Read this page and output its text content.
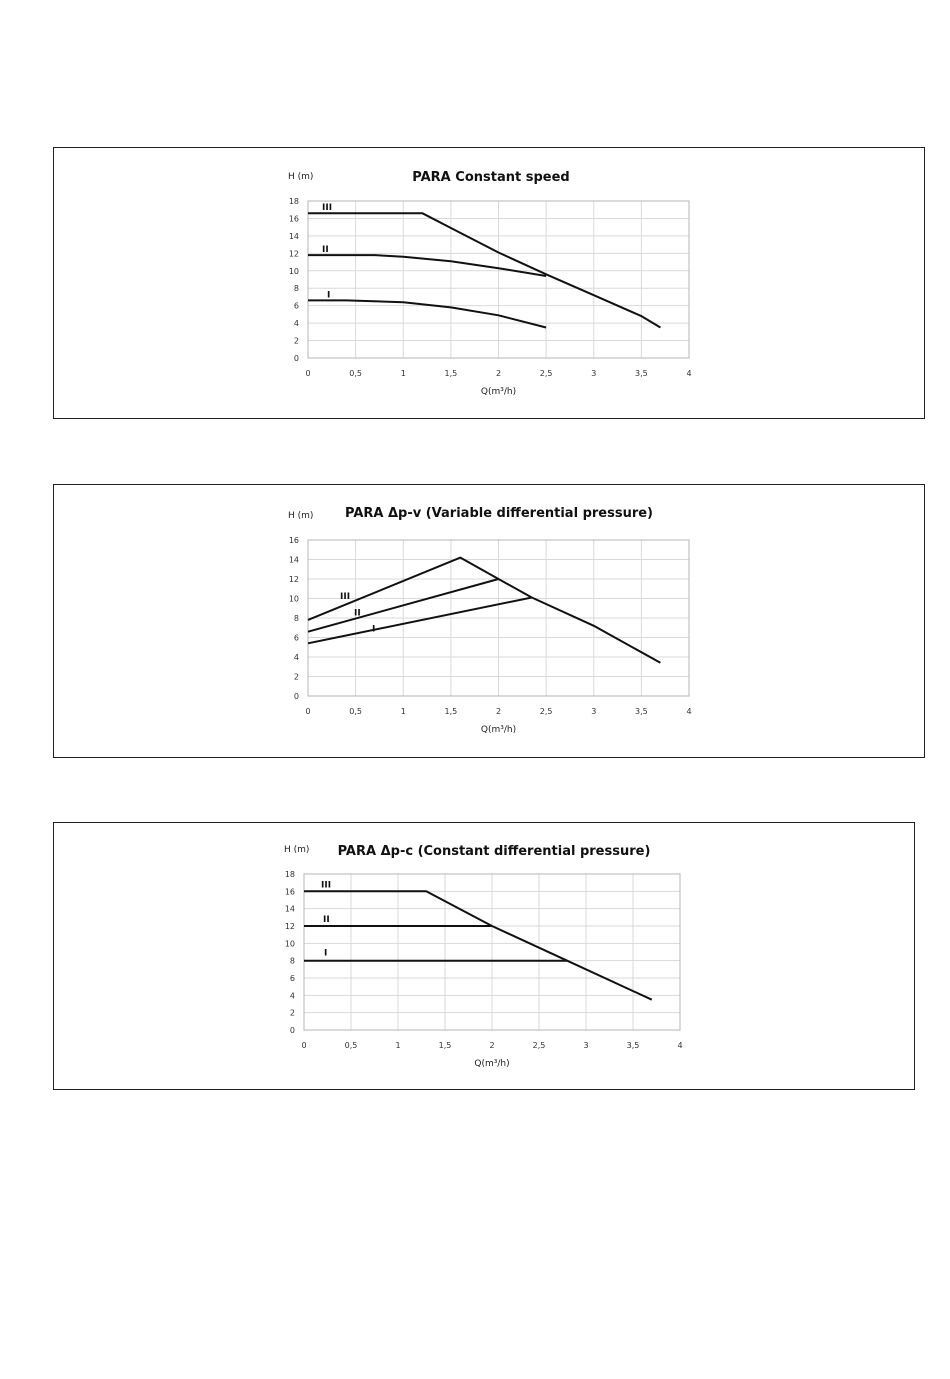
PARA Constant speed
H (m)
Q(m³/h)
0
2
4
6
8
10
12
14
16
18
0	0,5	1	1,5	2	2,5	3	3,5	4
III
II
I
PARA Δp-v (Variable differential pressure)
H (m)
Q(m³/h)
0
2
4
6
8
10
12
14
16
0	0,5	1	1,5	2	2,5	3	3,5	4
III
II
I
PARA Δp-c (Constant differential pressure)
H (m)
Q(m³/h)
0
2
4
6
8
10
12
14
16
18
0	0,5	1	1,5	2	2,5	3	3,5	4
III
II
I
